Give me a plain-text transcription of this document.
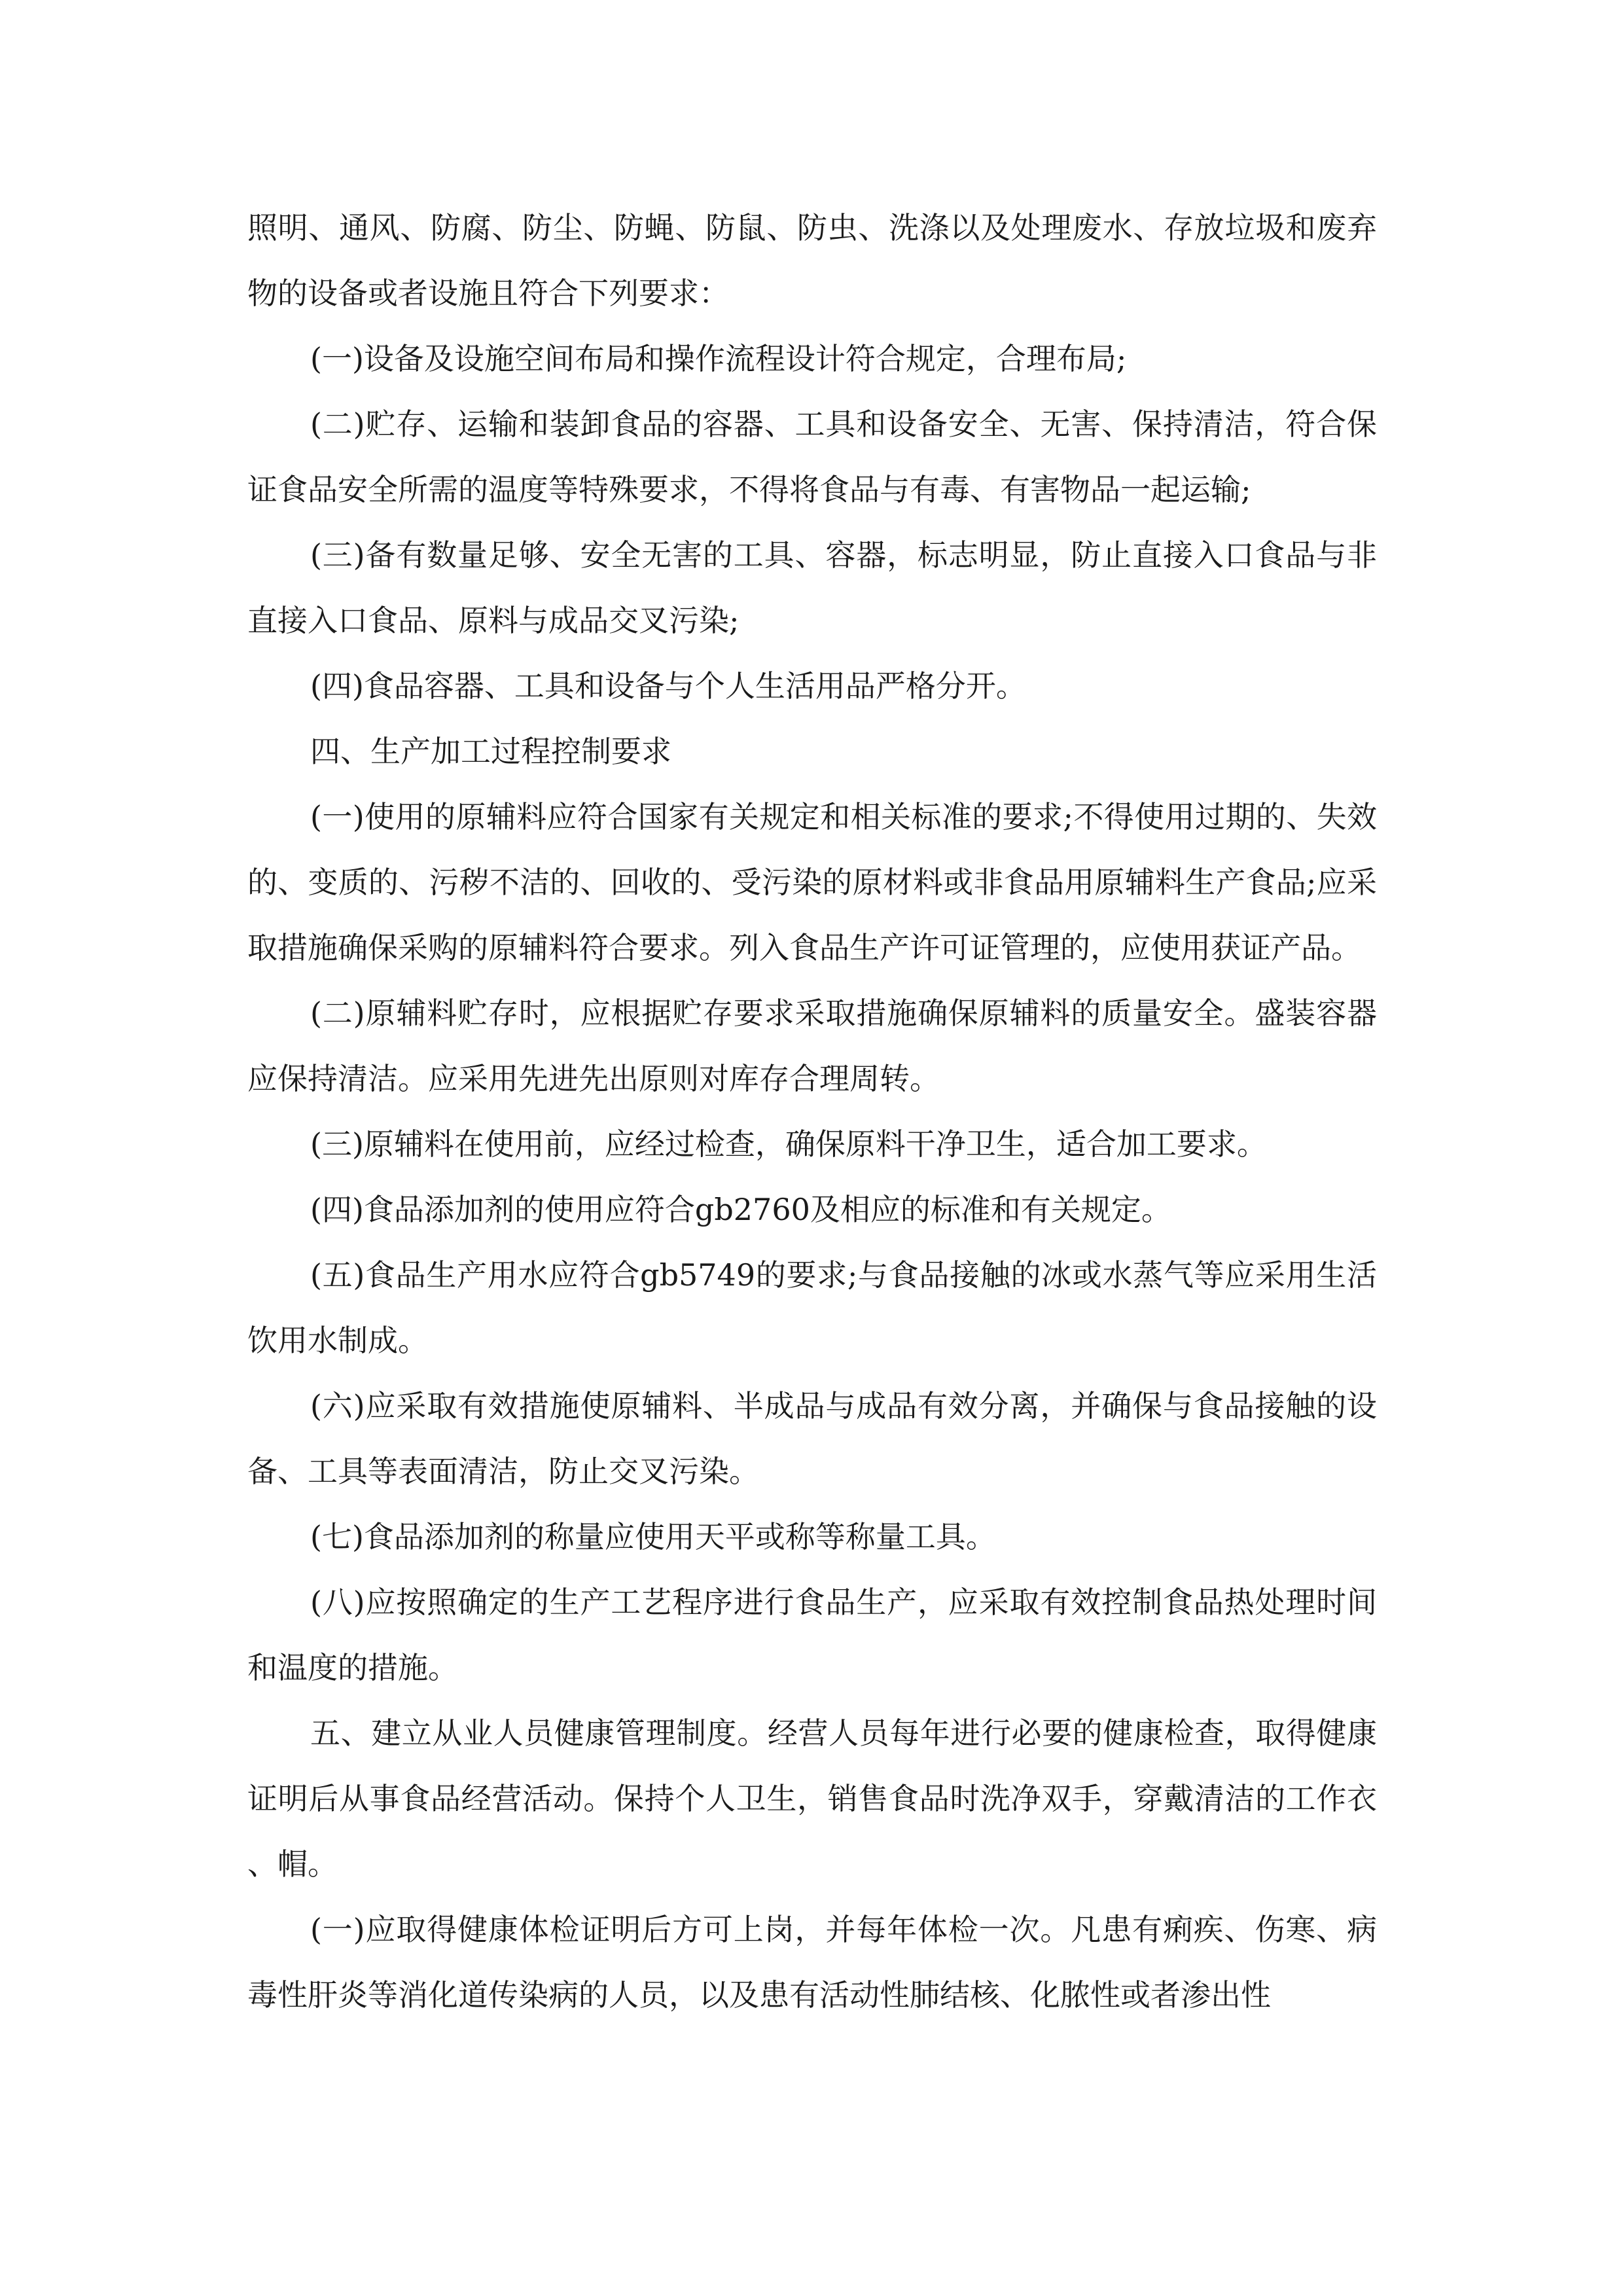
照明、通风、防腐、防尘、防蝇、防鼠、防虫、洗涤以及处理废水、存放垃圾和废弃物的设备或者设施且符合下列要求：

(一)设备及设施空间布局和操作流程设计符合规定，合理布局;

(二)贮存、运输和装卸食品的容器、工具和设备安全、无害、保持清洁，符合保证食品安全所需的温度等特殊要求，不得将食品与有毒、有害物品一起运输;

(三)备有数量足够、安全无害的工具、容器，标志明显，防止直接入口食品与非直接入口食品、原料与成品交叉污染;

(四)食品容器、工具和设备与个人生活用品严格分开。

四、生产加工过程控制要求

(一)使用的原辅料应符合国家有关规定和相关标准的要求;不得使用过期的、失效的、变质的、污秽不洁的、回收的、受污染的原材料或非食品用原辅料生产食品;应采取措施确保采购的原辅料符合要求。列入食品生产许可证管理的，应使用获证产品。

(二)原辅料贮存时，应根据贮存要求采取措施确保原辅料的质量安全。盛装容器应保持清洁。应采用先进先出原则对库存合理周转。

(三)原辅料在使用前，应经过检查，确保原料干净卫生，适合加工要求。

(四)食品添加剂的使用应符合gb2760及相应的标准和有关规定。

(五)食品生产用水应符合gb5749的要求;与食品接触的冰或水蒸气等应采用生活饮用水制成。

(六)应采取有效措施使原辅料、半成品与成品有效分离，并确保与食品接触的设备、工具等表面清洁，防止交叉污染。

(七)食品添加剂的称量应使用天平或称等称量工具。

(八)应按照确定的生产工艺程序进行食品生产，应采取有效控制食品热处理时间和温度的措施。

五、建立从业人员健康管理制度。经营人员每年进行必要的健康检查，取得健康证明后从事食品经营活动。保持个人卫生，销售食品时洗净双手，穿戴清洁的工作衣、帽。

(一)应取得健康体检证明后方可上岗，并每年体检一次。凡患有痢疾、伤寒、病毒性肝炎等消化道传染病的人员，以及患有活动性肺结核、化脓性或者渗出性
